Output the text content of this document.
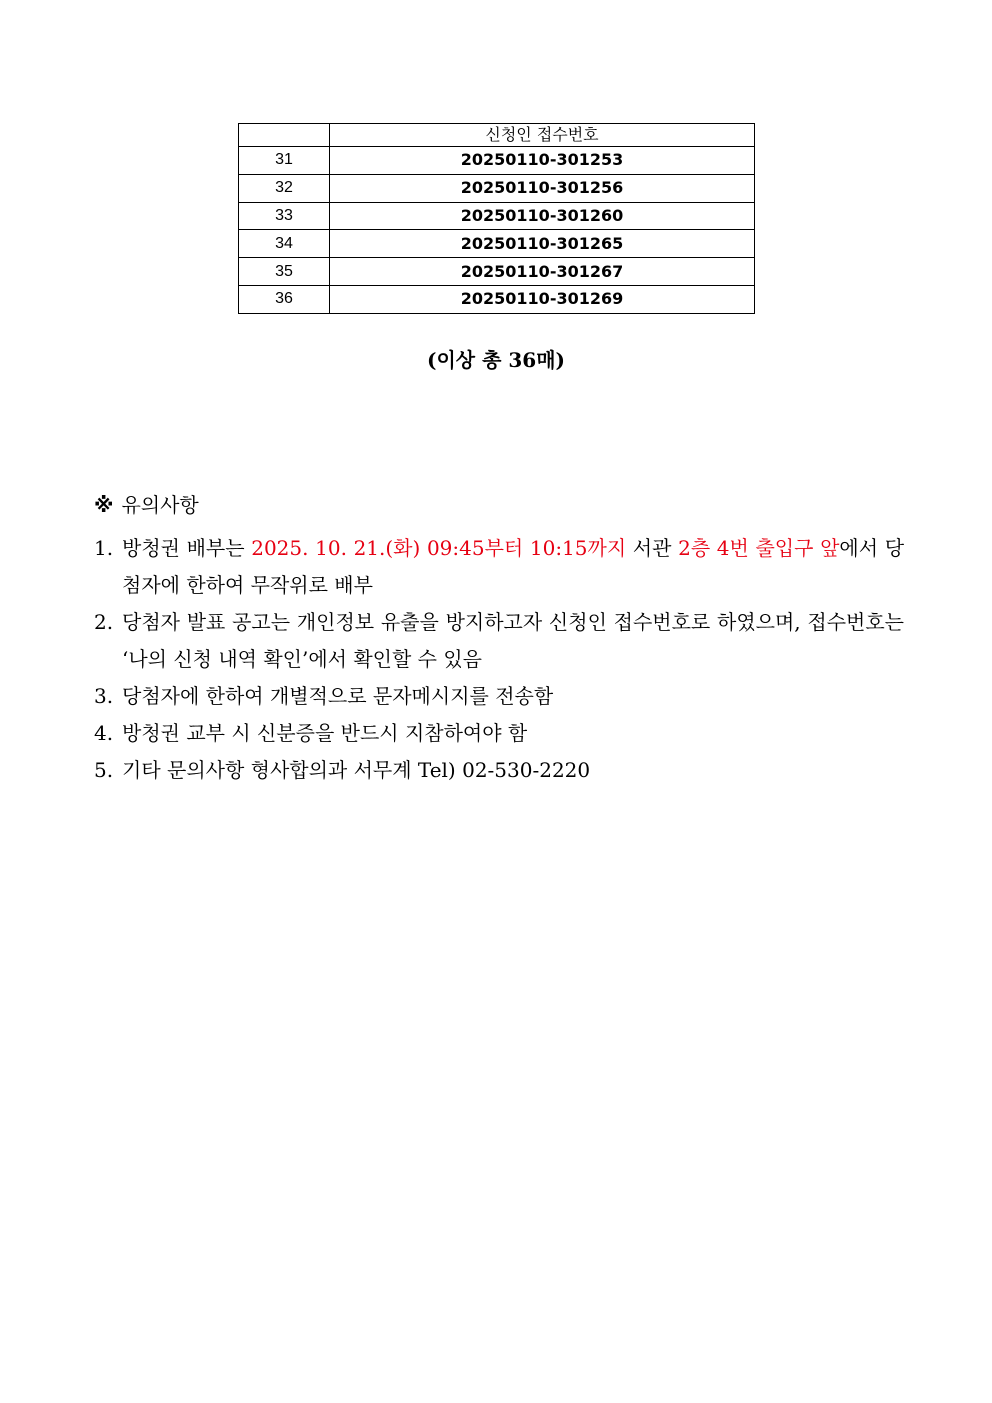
	신청인 접수번호
31	20250110-301253
32	20250110-301256
33	20250110-301260
34	20250110-301265
35	20250110-301267
36	20250110-301269
(이상 총 36매)
※ 유의사항
1. 방청권 배부는 2025. 10. 21.(화) 09:45부터 10:15까지 서관 2층 4번 출입구 앞에서 당첨자에 한하여 무작위로 배부
2. 당첨자 발표 공고는 개인정보 유출을 방지하고자 신청인 접수번호로 하였으며, 접수번호는 ‘나의 신청 내역 확인’에서 확인할 수 있음
3. 당첨자에 한하여 개별적으로 문자메시지를 전송함
4. 방청권 교부 시 신분증을 반드시 지참하여야 함
5. 기타 문의사항 형사합의과 서무계 Tel) 02-530-2220
